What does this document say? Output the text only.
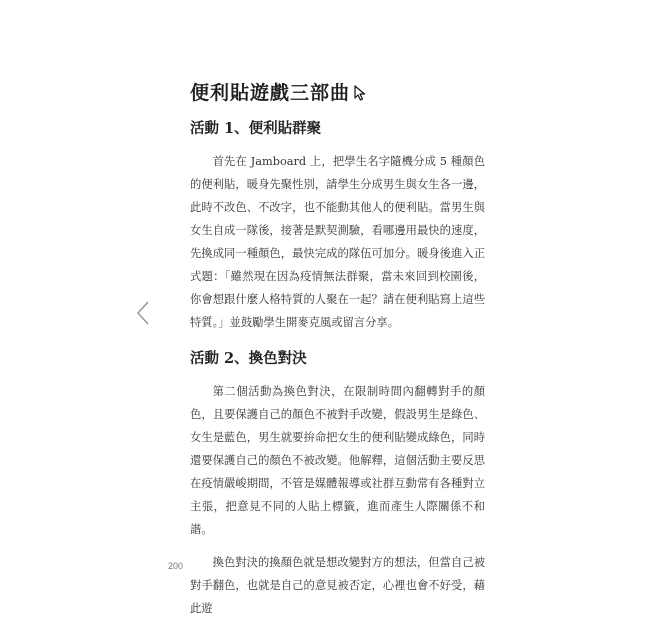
便利貼遊戲三部曲
活動 1、便利貼群聚

首先在 Jamboard 上，把學生名字隨機分成 5 種顏色的便利貼，暖身先聚性別，請學生分成男生與女生各一邊，此時不改色、不改字，也不能動其他人的便利貼。當男生與女生自成一隊後，接著是默契測驗，看哪邊用最快的速度，先換成同一種顏色，最快完成的隊伍可加分。暖身後進入正式題：「雖然現在因為疫情無法群聚，當未來回到校園後，你會想跟什麼人格特質的人聚在一起？請在便利貼寫上這些特質。」並鼓勵學生開麥克風或留言分享。

活動 2、換色對決

第二個活動為換色對決，在限制時間內翻轉對手的顏色，且要保護自己的顏色不被對手改變，假設男生是綠色、女生是藍色，男生就要拚命把女生的便利貼變成綠色，同時還要保護自己的顏色不被改變。他解釋，這個活動主要反思在疫情嚴峻期間，不管是媒體報導或社群互動常有各種對立主張，把意見不同的人貼上標籤，進而產生人際關係不和諧。

換色對決的換顏色就是想改變對方的想法，但當自己被對手翻色，也就是自己的意見被否定，心裡也會不好受，藉此遊

200
